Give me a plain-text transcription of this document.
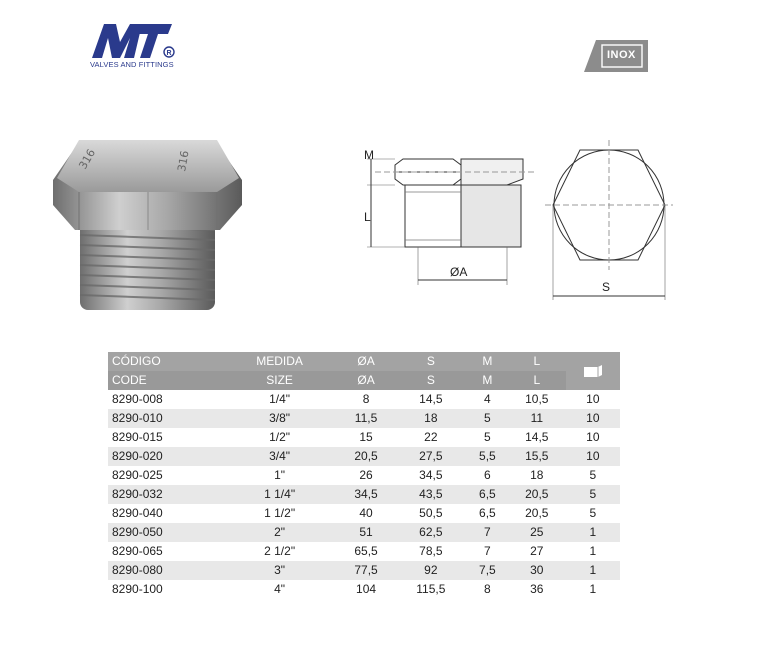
R
VALVES AND FITTINGS
INOX
316	316	M
L
ØA
S
CÓDIGO	MEDIDA	ØA	S	M	L	
CODE	SIZE	ØA	S	M	L	
8290-008	1/4"	8	14,5	4	10,5	10
8290-010	3/8"	11,5	18	5	11	10
8290-015	1/2"	15	22	5	14,5	10
8290-020	3/4"	20,5	27,5	5,5	15,5	10
8290-025	1"	26	34,5	6	18	5
8290-032	1 1/4"	34,5	43,5	6,5	20,5	5
8290-040	1 1/2"	40	50,5	6,5	20,5	5
8290-050	2"	51	62,5	7	25	1
8290-065	2 1/2"	65,5	78,5	7	27	1
8290-080	3"	77,5	92	7,5	30	1
8290-100	4"	104	115,5	8	36	1
